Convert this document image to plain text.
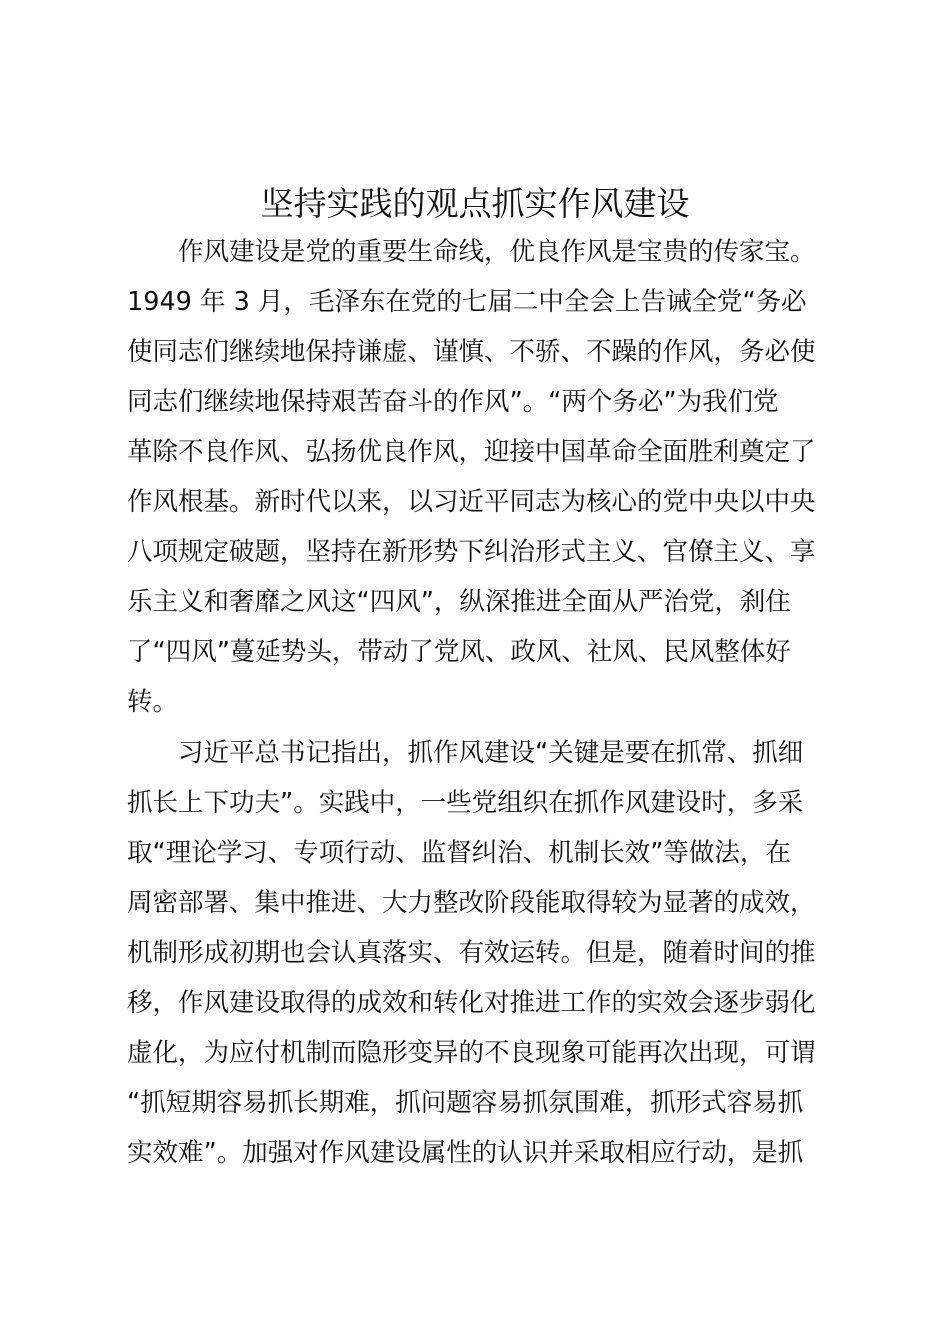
坚持实践的观点抓实作风建设

作风建设是党的重要生命线，优良作风是宝贵的传家宝。

1949 年 3 月，毛泽东在党的七届二中全会上告诫全党“务必

使同志们继续地保持谦虚、谨慎、不骄、不躁的作风，务必使

同志们继续地保持艰苦奋斗的作风”。“两个务必”为我们党

革除不良作风、弘扬优良作风，迎接中国革命全面胜利奠定了

作风根基。新时代以来，以习近平同志为核心的党中央以中央

八项规定破题，坚持在新形势下纠治形式主义、官僚主义、享

乐主义和奢靡之风这“四风”，纵深推进全面从严治党，刹住

了“四风”蔓延势头，带动了党风、政风、社风、民风整体好

转。

习近平总书记指出，抓作风建设“关键是要在抓常、抓细

抓长上下功夫”。实践中，一些党组织在抓作风建设时，多采

取“理论学习、专项行动、监督纠治、机制长效”等做法，在

周密部署、集中推进、大力整改阶段能取得较为显著的成效，

机制形成初期也会认真落实、有效运转。但是，随着时间的推

移，作风建设取得的成效和转化对推进工作的实效会逐步弱化

虚化，为应付机制而隐形变异的不良现象可能再次出现，可谓

“抓短期容易抓长期难，抓问题容易抓氛围难，抓形式容易抓

实效难”。加强对作风建设属性的认识并采取相应行动，是抓
